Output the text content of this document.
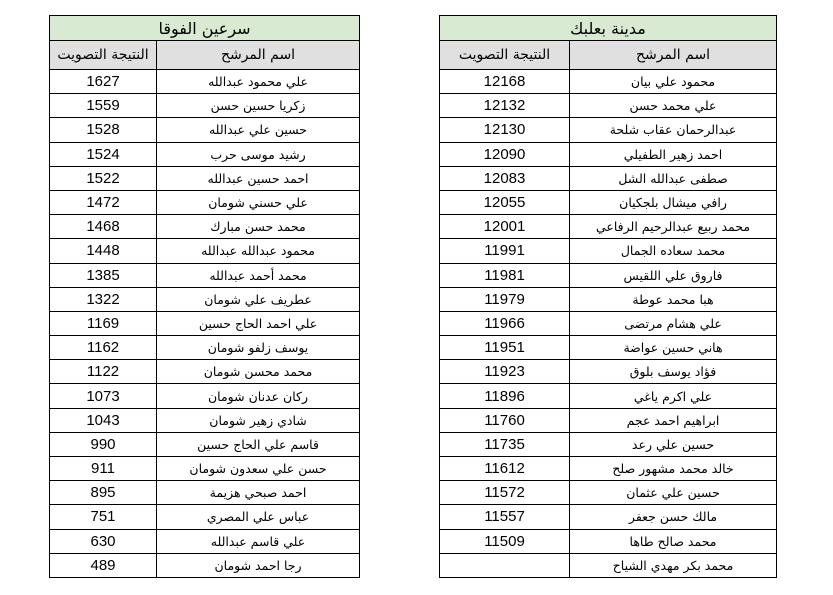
مدينة بعلبك	
اسم المرشح	النتيجة التصويت
محمود علي بيان	12168
علي محمد حسن	12132
عبدالرحمان عقاب شلحة	12130
احمد زهير الطفيلي	12090
صطفى عبدالله الشل	12083
رافي ميشال بلجكيان	12055
محمد ربيع عبدالرحيم الرفاعي	12001
محمد سعاده الجمال	11991
فاروق علي اللقيس	11981
هبا محمد عوطة	11979
علي هشام مرتضى	11966
هاني حسين عواضة	11951
فؤاد يوسف بلوق	11923
علي اكرم ياغي	11896
ابراهيم احمد عجم	11760
حسين علي رعد	11735
خالد محمد مشهور صلح	11612
حسين علي عثمان	11572
مالك حسن جعفر	11557
محمد صالح طاها	11509
محمد بكر مهدي الشياح	
سرعين الفوقا	
اسم المرشح	النتيجة التصويت
علي محمود عبدالله	1627
زكريا حسين حسن	1559
حسين علي عبدالله	1528
رشيد موسى حرب	1524
احمد حسين عبدالله	1522
علي حسني شومان	1472
محمد حسن مبارك	1468
محمود عبدالله عبدالله	1448
محمد أحمد عبدالله	1385
عطريف علي شومان	1322
علي احمد الحاج حسين	1169
يوسف زلفو شومان	1162
محمد محسن شومان	1122
ركان عدنان شومان	1073
شادي زهير شومان	1043
قاسم علي الحاج حسين	990
حسن علي سعدون شومان	911
احمد صبحي هزيمة	895
عباس علي المصري	751
علي قاسم عبدالله	630
رجا احمد شومان	489
